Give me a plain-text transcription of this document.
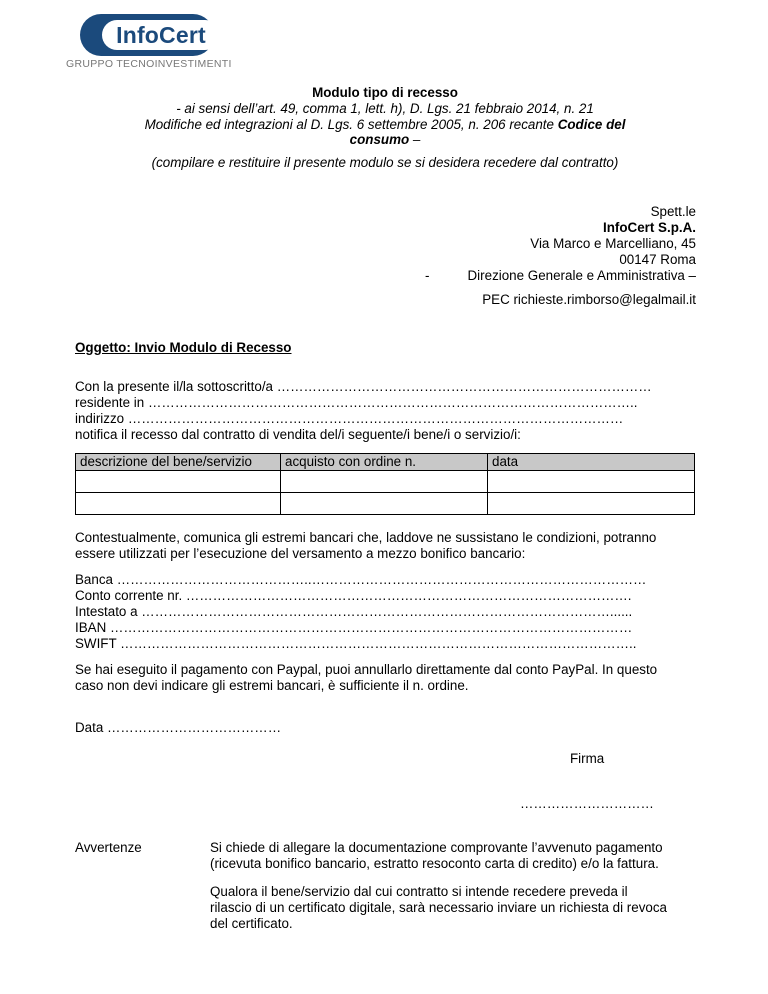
InfoCert
GRUPPO TECNOINVESTIMENTI
Modulo tipo di recesso
- ai sensi dell’art. 49, comma 1, lett. h), D. Lgs. 21 febbraio 2014, n. 21
Modifiche ed integrazioni al D. Lgs. 6 settembre 2005, n. 206 recante Codice del
consumo –
(compilare e restituire il presente modulo se si desidera recedere dal contratto)
Spett.le
InfoCert S.p.A.
Via Marco e Marcelliano, 45
00147 Roma
-	Direzione Generale e Amministrativa –
PEC richieste.rimborso@legalmail.it
Oggetto: Invio Modulo di Recesso
Con la presente il/la sottoscritto/a …………………………………………………………………………
residente in ………………………………………………………………………………………………..
indirizzo …………………………………………………………………………………………………
notifica il recesso dal contratto di vendita del/i seguente/i bene/i o servizio/i:
descrizione del bene/servizio	acquisto con ordine n.	data

Contestualmente, comunica gli estremi bancari che, laddove ne sussistano le condizioni, potranno
essere utilizzati per l’esecuzione del versamento a mezzo bonifico bancario:
Banca ……………………………………..…………………………………………………………………
Conto corrente nr. ……………………………………………………………………………………….
Intestato a ……………………………………………………………………………………………......
IBAN ………………………………………………………………………………………………………
SWIFT ……………………………………………………………………………………………………..
Se hai eseguito il pagamento con Paypal, puoi annullarlo direttamente dal conto PayPal. In questo
caso non devi indicare gli estremi bancari, è sufficiente il n. ordine.
Data …………………………………
Firma
…………………………
Avvertenze	Si chiede di allegare la documentazione comprovante l’avvenuto pagamento
(ricevuta bonifico bancario, estratto resoconto carta di credito) e/o la fattura.
Qualora il bene/servizio dal cui contratto si intende recedere preveda il
rilascio di un certificato digitale, sarà necessario inviare un richiesta di revoca
del certificato.
